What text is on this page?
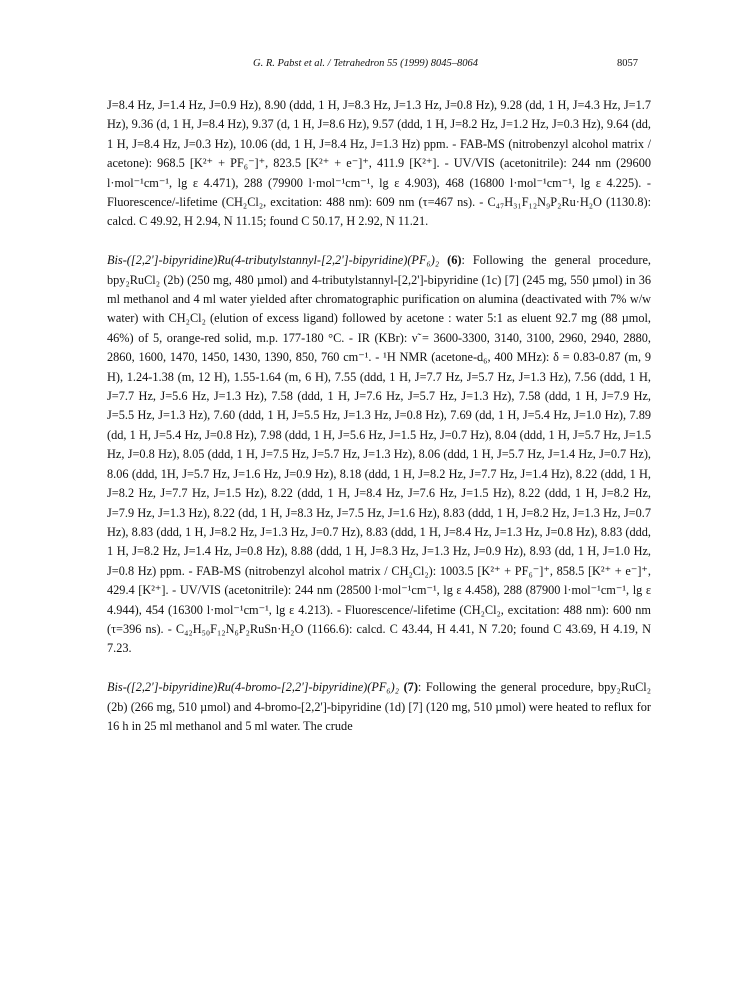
G. R. Pabst et al. / Tetrahedron 55 (1999) 8045–8064	8057

J=8.4 Hz, J=1.4 Hz, J=0.9 Hz), 8.90 (ddd, 1 H, J=8.3 Hz, J=1.3 Hz, J=0.8 Hz), 9.28 (dd, 1 H, J=4.3 Hz, J=1.7 Hz), 9.36 (d, 1 H, J=8.4 Hz), 9.37 (d, 1 H, J=8.6 Hz), 9.57 (ddd, 1 H, J=8.2 Hz, J=1.2 Hz, J=0.3 Hz), 9.64 (dd, 1 H, J=8.4 Hz, J=0.3 Hz), 10.06 (dd, 1 H, J=8.4 Hz, J=1.3 Hz) ppm. - FAB-MS (nitrobenzyl alcohol matrix / acetone): 968.5 [K²⁺ + PF₆⁻]⁺, 823.5 [K²⁺ + e⁻]⁺, 411.9 [K²⁺]. - UV/VIS (acetonitrile): 244 nm (29600 l·mol⁻¹cm⁻¹, lg ε 4.471), 288 (79900 l·mol⁻¹cm⁻¹, lg ε 4.903), 468 (16800 l·mol⁻¹cm⁻¹, lg ε 4.225). - Fluorescence/-lifetime (CH₂Cl₂, excitation: 488 nm): 609 nm (τ=467 ns). - C₄₇H₃₁F₁₂N₉P₂Ru·H₂O (1130.8): calcd. C 49.92, H 2.94, N 11.15; found C 50.17, H 2.92, N 11.21.

Bis-([2,2']-bipyridine)Ru(4-tributylstannyl-[2,2']-bipyridine)(PF₆)₂ (6): Following the general procedure, bpy₂RuCl₂ (2b) (250 mg, 480 µmol) and 4-tributylstannyl-[2,2']-bipyridine (1c) [7] (245 mg, 550 µmol) in 36 ml methanol and 4 ml water yielded after chromatographic purification on alumina (deactivated with 7% w/w water) with CH₂Cl₂ (elution of excess ligand) followed by acetone : water 5:1 as eluent 92.7 mg (88 µmol, 46%) of 5, orange-red solid, m.p. 177-180 °C. - IR (KBr): ν̃ = 3600-3300, 3140, 3100, 2960, 2940, 2880, 2860, 1600, 1470, 1450, 1430, 1390, 850, 760 cm⁻¹. - ¹H NMR (acetone-d₆, 400 MHz): δ = 0.83-0.87 (m, 9 H), 1.24-1.38 (m, 12 H), 1.55-1.64 (m, 6 H), 7.55 (ddd, 1 H, J=7.7 Hz, J=5.7 Hz, J=1.3 Hz), 7.56 (ddd, 1 H, J=7.7 Hz, J=5.6 Hz, J=1.3 Hz), 7.58 (ddd, 1 H, J=7.6 Hz, J=5.7 Hz, J=1.3 Hz), 7.58 (ddd, 1 H, J=7.9 Hz, J=5.5 Hz, J=1.3 Hz), 7.60 (ddd, 1 H, J=5.5 Hz, J=1.3 Hz, J=0.8 Hz), 7.69 (dd, 1 H, J=5.4 Hz, J=1.0 Hz), 7.89 (dd, 1 H, J=5.4 Hz, J=0.8 Hz), 7.98 (ddd, 1 H, J=5.6 Hz, J=1.5 Hz, J=0.7 Hz), 8.04 (ddd, 1 H, J=5.7 Hz, J=1.5 Hz, J=0.8 Hz), 8.05 (ddd, 1 H, J=7.5 Hz, J=5.7 Hz, J=1.3 Hz), 8.06 (ddd, 1 H, J=5.7 Hz, J=1.4 Hz, J=0.7 Hz), 8.06 (ddd, 1H, J=5.7 Hz, J=1.6 Hz, J=0.9 Hz), 8.18 (ddd, 1 H, J=8.2 Hz, J=7.7 Hz, J=1.4 Hz), 8.22 (ddd, 1 H, J=8.2 Hz, J=7.7 Hz, J=1.5 Hz), 8.22 (ddd, 1 H, J=8.4 Hz, J=7.6 Hz, J=1.5 Hz), 8.22 (ddd, 1 H, J=8.2 Hz, J=7.9 Hz, J=1.3 Hz), 8.22 (dd, 1 H, J=8.3 Hz, J=7.5 Hz, J=1.6 Hz), 8.83 (ddd, 1 H, J=8.2 Hz, J=1.3 Hz, J=0.7 Hz), 8.83 (ddd, 1 H, J=8.2 Hz, J=1.3 Hz, J=0.7 Hz), 8.83 (ddd, 1 H, J=8.4 Hz, J=1.3 Hz, J=0.8 Hz), 8.83 (ddd, 1 H, J=8.2 Hz, J=1.4 Hz, J=0.8 Hz), 8.88 (ddd, 1 H, J=8.3 Hz, J=1.3 Hz, J=0.9 Hz), 8.93 (dd, 1 H, J=1.0 Hz, J=0.8 Hz) ppm. - FAB-MS (nitrobenzyl alcohol matrix / CH₂Cl₂): 1003.5 [K²⁺ + PF₆⁻]⁺, 858.5 [K²⁺ + e⁻]⁺, 429.4 [K²⁺]. - UV/VIS (acetonitrile): 244 nm (28500 l·mol⁻¹cm⁻¹, lg ε 4.458), 288 (87900 l·mol⁻¹cm⁻¹, lg ε 4.944), 454 (16300 l·mol⁻¹cm⁻¹, lg ε 4.213). - Fluorescence/-lifetime (CH₂Cl₂, excitation: 488 nm): 600 nm (τ=396 ns). - C₄₂H₅₀F₁₂N₆P₂RuSn·H₂O (1166.6): calcd. C 43.44, H 4.41, N 7.20; found C 43.69, H 4.19, N 7.23.

Bis-([2,2']-bipyridine)Ru(4-bromo-[2,2']-bipyridine)(PF₆)₂ (7): Following the general procedure, bpy₂RuCl₂ (2b) (266 mg, 510 µmol) and 4-bromo-[2,2']-bipyridine (1d) [7] (120 mg, 510 µmol) were heated to reflux for 16 h in 25 ml methanol and 5 ml water. The crude
